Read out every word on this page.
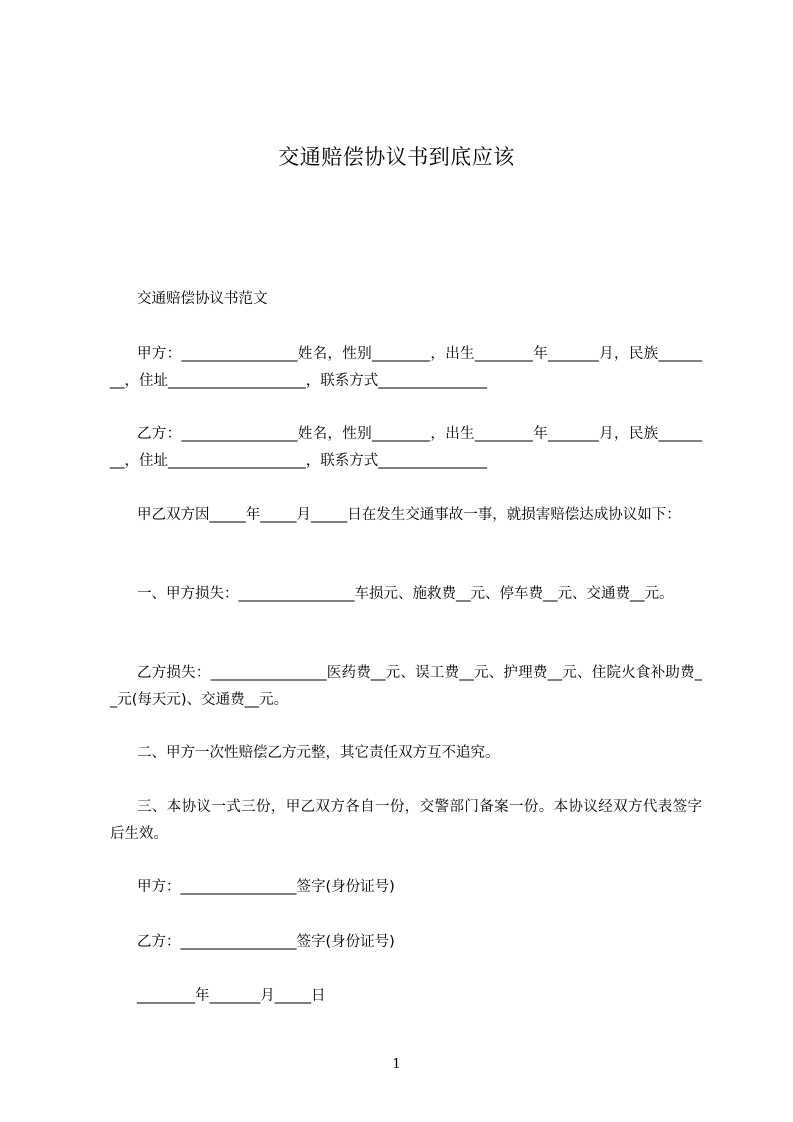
交通赔偿协议书到底应该
交通赔偿协议书范文
甲方：________________姓名，性别________，出生________年_______月，民族________，住址___________________，联系方式_______________
乙方：________________姓名，性别________，出生________年_______月，民族________，住址___________________，联系方式_______________
甲乙双方因_____年_____月_____日在发生交通事故一事，就损害赔偿达成协议如下：
一、甲方损失：________________车损元、施救费__元、停车费__元、交通费__元。
乙方损失：________________医药费__元、误工费__元、护理费__元、住院火食补助费__元(每天元)、交通费__元。
二、甲方一次性赔偿乙方元整，其它责任双方互不追究。
三、本协议一式三份，甲乙双方各自一份，交警部门备案一份。本协议经双方代表签字后生效。
甲方：________________签字(身份证号)
乙方：________________签字(身份证号)
________年_______月_____日
1
